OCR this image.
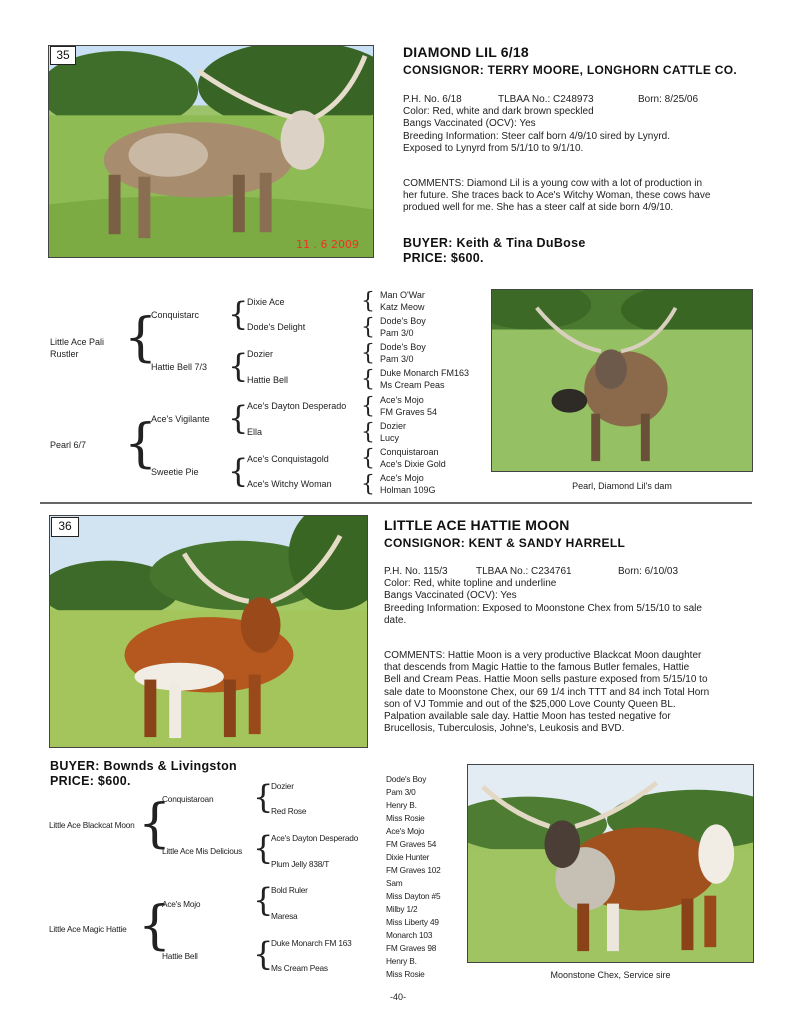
35
11 . 6 2009
DIAMOND LIL 6/18
CONSIGNOR: TERRY MOORE, LONGHORN CATTLE CO.
P.H. No. 6/18	TLBAA No.: C248973	Born: 8/25/06
Color: Red, white and dark brown speckled
Bangs Vaccinated (OCV): Yes
Breeding Information: Steer calf born 4/9/10 sired by Lynyrd.
Exposed to Lynyrd from 5/1/10 to 9/1/10.
COMMENTS: Diamond Lil is a young cow with a lot of production in
her future. She traces back to Ace's Witchy Woman, these cows have
produed well for me. She has a steer calf at side born 4/9/10.
BUYER: Keith & Tina DuBose
PRICE: $600.
Little Ace Pali Rustler
Pearl 6/7
{
{
Conquistarc
Hattie Bell 7/3
Ace's Vigilante
Sweetie Pie
{
{
{
{
Dixie Ace
Dode's Delight
Dozier
Hattie Bell
Ace's Dayton Desperado
Ella
Ace's Conquistagold
Ace's Witchy Woman
{
{
{
{
{
{
{
{
Man O'War
Katz Meow
Dode's Boy
Pam 3/0
Dode's Boy
Pam 3/0
Duke Monarch FM163
Ms Cream Peas
Ace's Mojo
FM Graves 54
Dozier
Lucy
Conquistaroan
Ace's Dixie Gold
Ace's Mojo
Holman 109G	Pearl, Diamond Lil's dam
36	LITTLE ACE HATTIE MOON
CONSIGNOR: KENT & SANDY HARRELL
P.H. No. 115/3	TLBAA No.: C234761	Born: 6/10/03
Color: Red, white topline and underline
Bangs Vaccinated (OCV): Yes
Breeding Information: Exposed to Moonstone Chex from 5/15/10 to sale
date.
COMMENTS: Hattie Moon is a very productive Blackcat Moon daughter
that descends from Magic Hattie to the famous Butler females, Hattie
Bell and Cream Peas. Hattie Moon sells pasture exposed from 5/15/10 to
sale date to Moonstone Chex, our 69 1/4 inch TTT and 84 inch Total Horn
son of VJ Tommie and out of the $25,000 Love County Queen BL.
Palpation available sale day. Hattie Moon has tested negative for
Brucellosis, Tuberculosis, Johne's, Leukosis and BVD.
BUYER: Bownds & Livingston
PRICE: $600.
Little Ace Blackcat Moon
Little Ace Magic Hattie
{
{
Conquistaroan
Little Ace Mis Delicious
Ace's Mojo
Hattie Bell
{
{
{
{
Dozier
Red Rose
Ace's Dayton Desperado
Plum Jelly 838/T
Bold Ruler
Maresa
Duke Monarch FM 163
Ms Cream Peas
Dode's Boy
Pam 3/0
Henry B.
Miss Rosie
Ace's Mojo
FM Graves 54
Dixie Hunter
FM Graves 102
Sam
Miss Dayton #5
Milby 1/2
Miss Liberty 49
Monarch 103
FM Graves 98
Henry B.
Miss Rosie	Moonstone Chex, Service sire
-40-
